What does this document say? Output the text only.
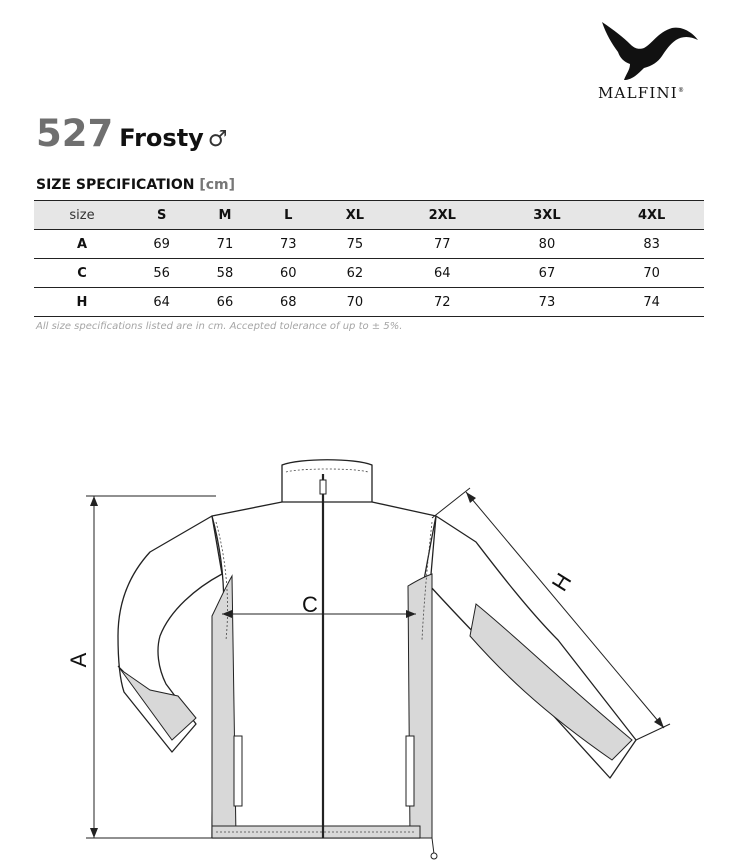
MALFINI®
527 Frosty ♂
SIZE SPECIFICATION [cm]
size	S	M	L	XL	2XL	3XL	4XL
A	69	71	73	75	77	80	83
C	56	58	60	62	64	67	70
H	64	66	68	70	72	73	74
All size specifications listed are in cm. Accepted tolerance of up to ± 5%.
A
C
H
